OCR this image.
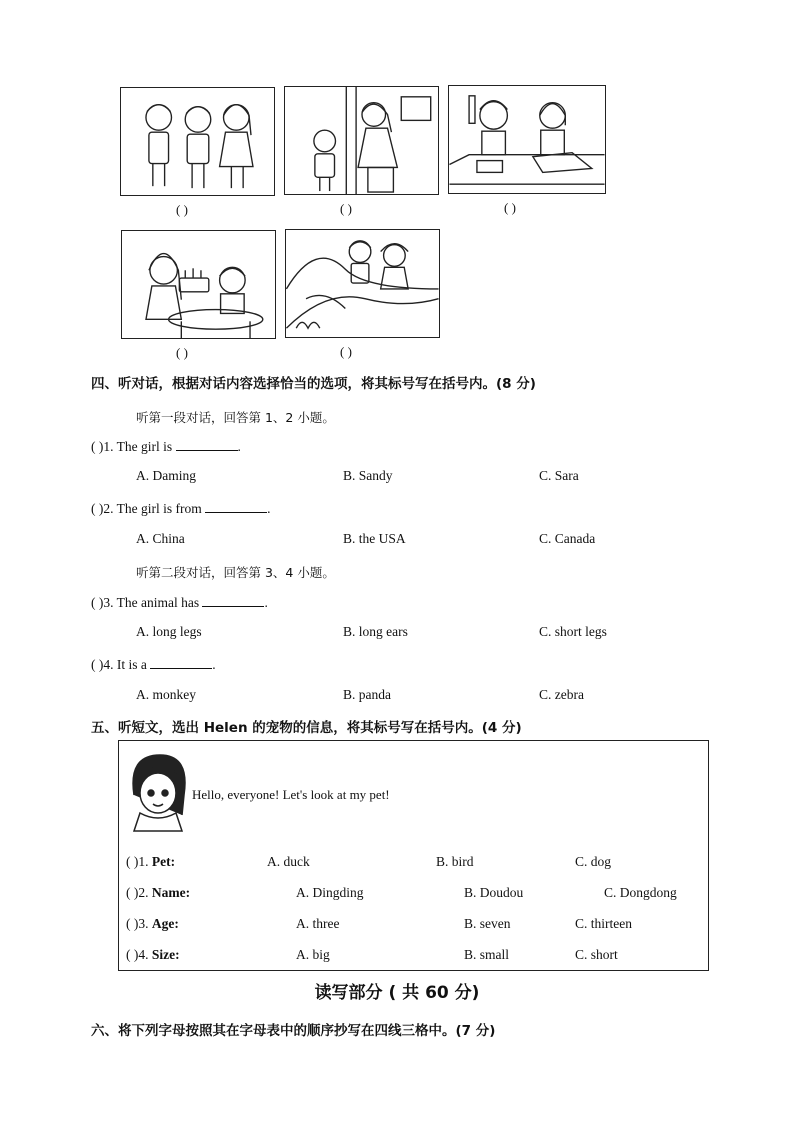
( )	( )	( )
( )	( )
四、听对话，根据对话内容选择恰当的选项，将其标号写在括号内。(8 分)
听第一段对话，回答第 1、2 小题。
( )1. The girl is	.
A. Daming	B. Sandy	C. Sara
( )2. The girl is from	.
A. China	B. the USA	C. Canada
听第二段对话，回答第 3、4 小题。
( )3. The animal has	.
A. long legs	B. long ears	C. short legs
( )4. It is a	.
A. monkey	B. panda	C. zebra
五、听短文，选出 Helen 的宠物的信息，将其标号写在括号内。(4 分)
Hello, everyone! Let's look at my pet!
( )1. Pet:	A. duck	B. bird	C. dog
( )2. Name:	A. Dingding	B. Doudou	C. Dongdong
( )3. Age:	A. three	B. seven	C. thirteen
( )4. Size:	A. big	B. small	C. short
读写部分 ( 共 60 分)
六、将下列字母按照其在字母表中的顺序抄写在四线三格中。(7 分)
